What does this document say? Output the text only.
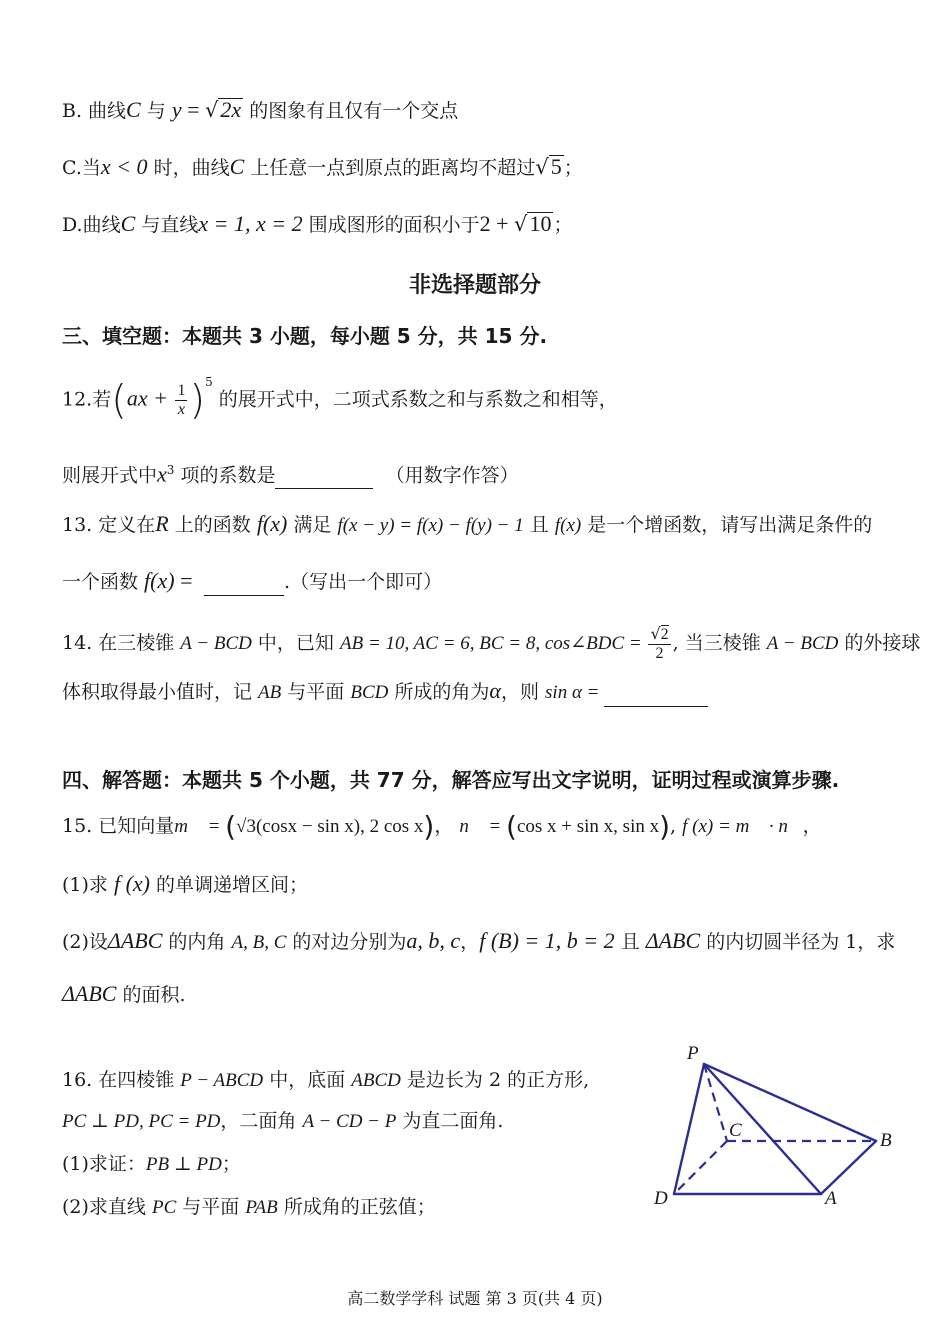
B. 曲线C 与 y = √2x 的图象有且仅有一个交点
C.当x < 0 时，曲线C 上任意一点到原点的距离均不超过√5 ；
D.曲线C 与直线x = 1, x = 2 围成图形的面积小于2 + √10 ；
非选择题部分
三、填空题：本题共 3 小题，每小题 5 分，共 15 分.
12.若$(ax + \frac{1}{x} )^5$ 的展开式中，二项式系数之和与系数之和相等，
则展开式中$x^3$ 项的系数是	（用数字作答）
13. 定义在R 上的函数 f(x) 满足 f(x − y) = f(x) − f(y) − 1 且 f(x) 是一个增函数，请写出满足条件的
一个函数 f(x) =	.（写出一个即可）
14. 在三棱锥 A − BCD 中，已知 AB = 10, AC = 6, BC = 8, cos∠BDC = $\frac{√2}{2}$ , 当三棱锥 A − BCD 的外接球
体积取得最小值时，记 AB 与平面 BCD 所成的角为α，则 sin α =
四、解答题：本题共 5 个小题，共 77 分，解答应写出文字说明，证明过程或演算步骤.
15. 已知向量m⃗ = (√3(cosx − sin x), 2 cos x)， n⃗ = (cos x + sin x, sin x), f (x) = m⃗ · n⃗，
(1)求 f (x) 的单调递增区间；
(2)设ΔABC 的内角 A, B, C 的对边分别为a, b, c，f (B) = 1, b = 2 且 ΔABC 的内切圆半径为 1，求
ΔABC 的面积.
16. 在四棱锥 P − ABCD 中，底面 ABCD 是边长为 2 的正方形,
PC ⊥ PD, PC = PD，二面角 A − CD − P 为直二面角.
(1)求证：PB ⊥ PD；
(2)求直线 PC 与平面 PAB 所成角的正弦值；
P
C	B
D	A
高二数学学科 试题 第 3 页(共 4 页)
